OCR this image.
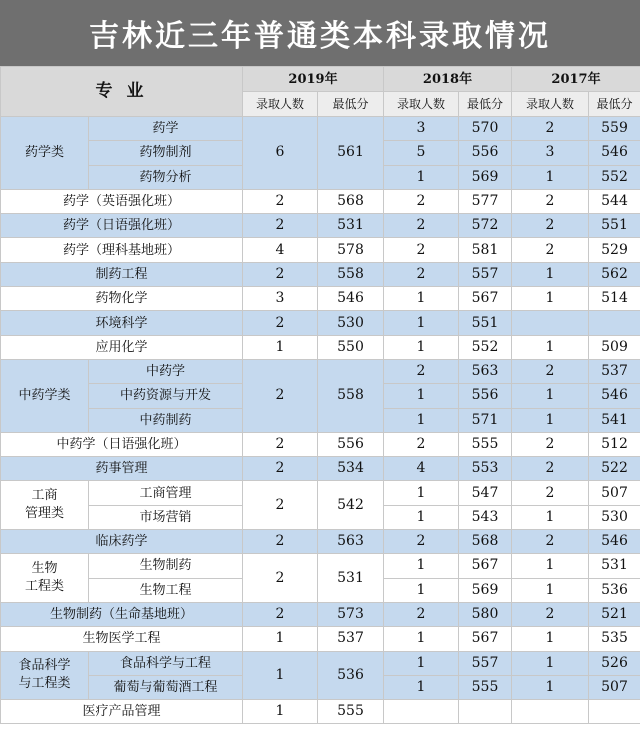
吉林近三年普通类本科录取情况
专 业		2019年		2018年		2017年	
		录取人数	最低分	录取人数	最低分	录取人数	最低分
药学类	药学	6	561	3	570	2	559
	药物制剂			5	556	3	546
	药物分析			1	569	1	552
药学（英语强化班）		2	568	2	577	2	544
药学（日语强化班）		2	531	2	572	2	551
药学（理科基地班）		4	578	2	581	2	529
制药工程		2	558	2	557	1	562
药物化学		3	546	1	567	1	514
环境科学		2	530	1	551		
应用化学		1	550	1	552	1	509
中药学类	中药学	2	558	2	563	2	537
	中药资源与开发			1	556	1	546
	中药制药			1	571	1	541
中药学（日语强化班）		2	556	2	555	2	512
药事管理		2	534	4	553	2	522
工商
管理类	工商管理	2	542	1	547	2	507
	市场营销			1	543	1	530
临床药学		2	563	2	568	2	546
生物
工程类	生物制药	2	531	1	567	1	531
	生物工程			1	569	1	536
生物制药（生命基地班）		2	573	2	580	2	521
生物医学工程		1	537	1	567	1	535
食品科学
与工程类	食品科学与工程	1	536	1	557	1	526
	葡萄与葡萄酒工程			1	555	1	507
医疗产品管理		1	555				
